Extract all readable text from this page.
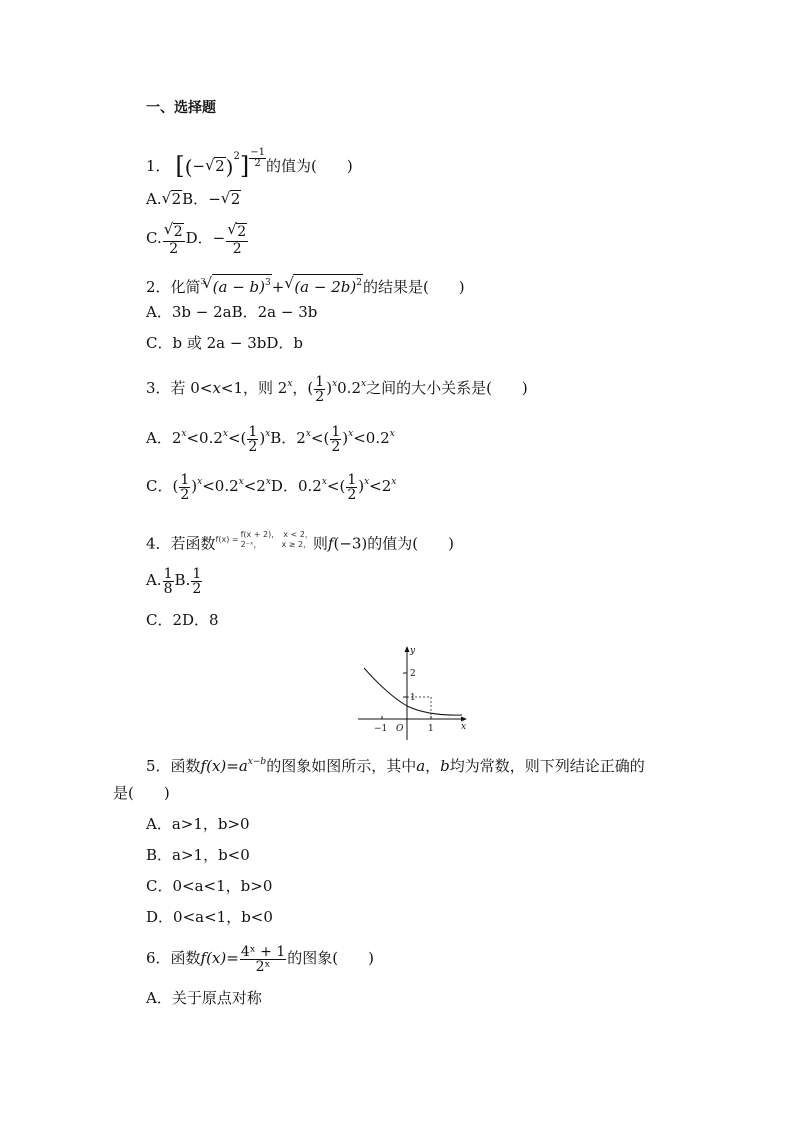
一、选择题
1． [(−√ $2)^2] \frac{-1}{2}$ 的值为(　　)
A.√ 2B．−√ 2
C.
√ $\frac{2}{2}$ D．−
√ $\frac{2}{2}$
2．化简$^3$√ $(a - b)^3+√$ $(a - 2b)^2$的结果是(　　)
A．3b − 2aB．2a − 3b
C．b 或 2a − 3bD．b
3．若 0<x<1，则 2$^x$，( $\frac{1}{2} )^x0.2^x$之间的大小关系是(　　)
A．$2^x<0.2^x<( \frac{1}{2} )^xB$．$2^x<( \frac{1}{2} )^x<0.2^x$
C．( $\frac{1}{2} )^x<0.2^x<2^xD$．$0.2^x<( \frac{1}{2} )^x<2^x$
4．若函数f(x) =
f(x + 2)，　x < 2，
2⁻ˣ，　　　x ≥ 2， 则f(−3)的值为(　　)
A. $\frac{1}{8} B$. $\frac{1}{2}$
C．2D．8
y
x
O
−1	1
1
2
5．函数$f(x)=a^{x-b}$的图象如图所示，其中a，b均为常数，则下列结论正确的
是(　　)
A．a>1，b>0
B．a>1，b<0
C．0<a<1，b>0
D．0<a<1，b<0
6．函数$f(x)= \frac{\text{4ˣ + 1}}{\text{2ˣ}}$ 的图象(　　)
A．关于原点对称
